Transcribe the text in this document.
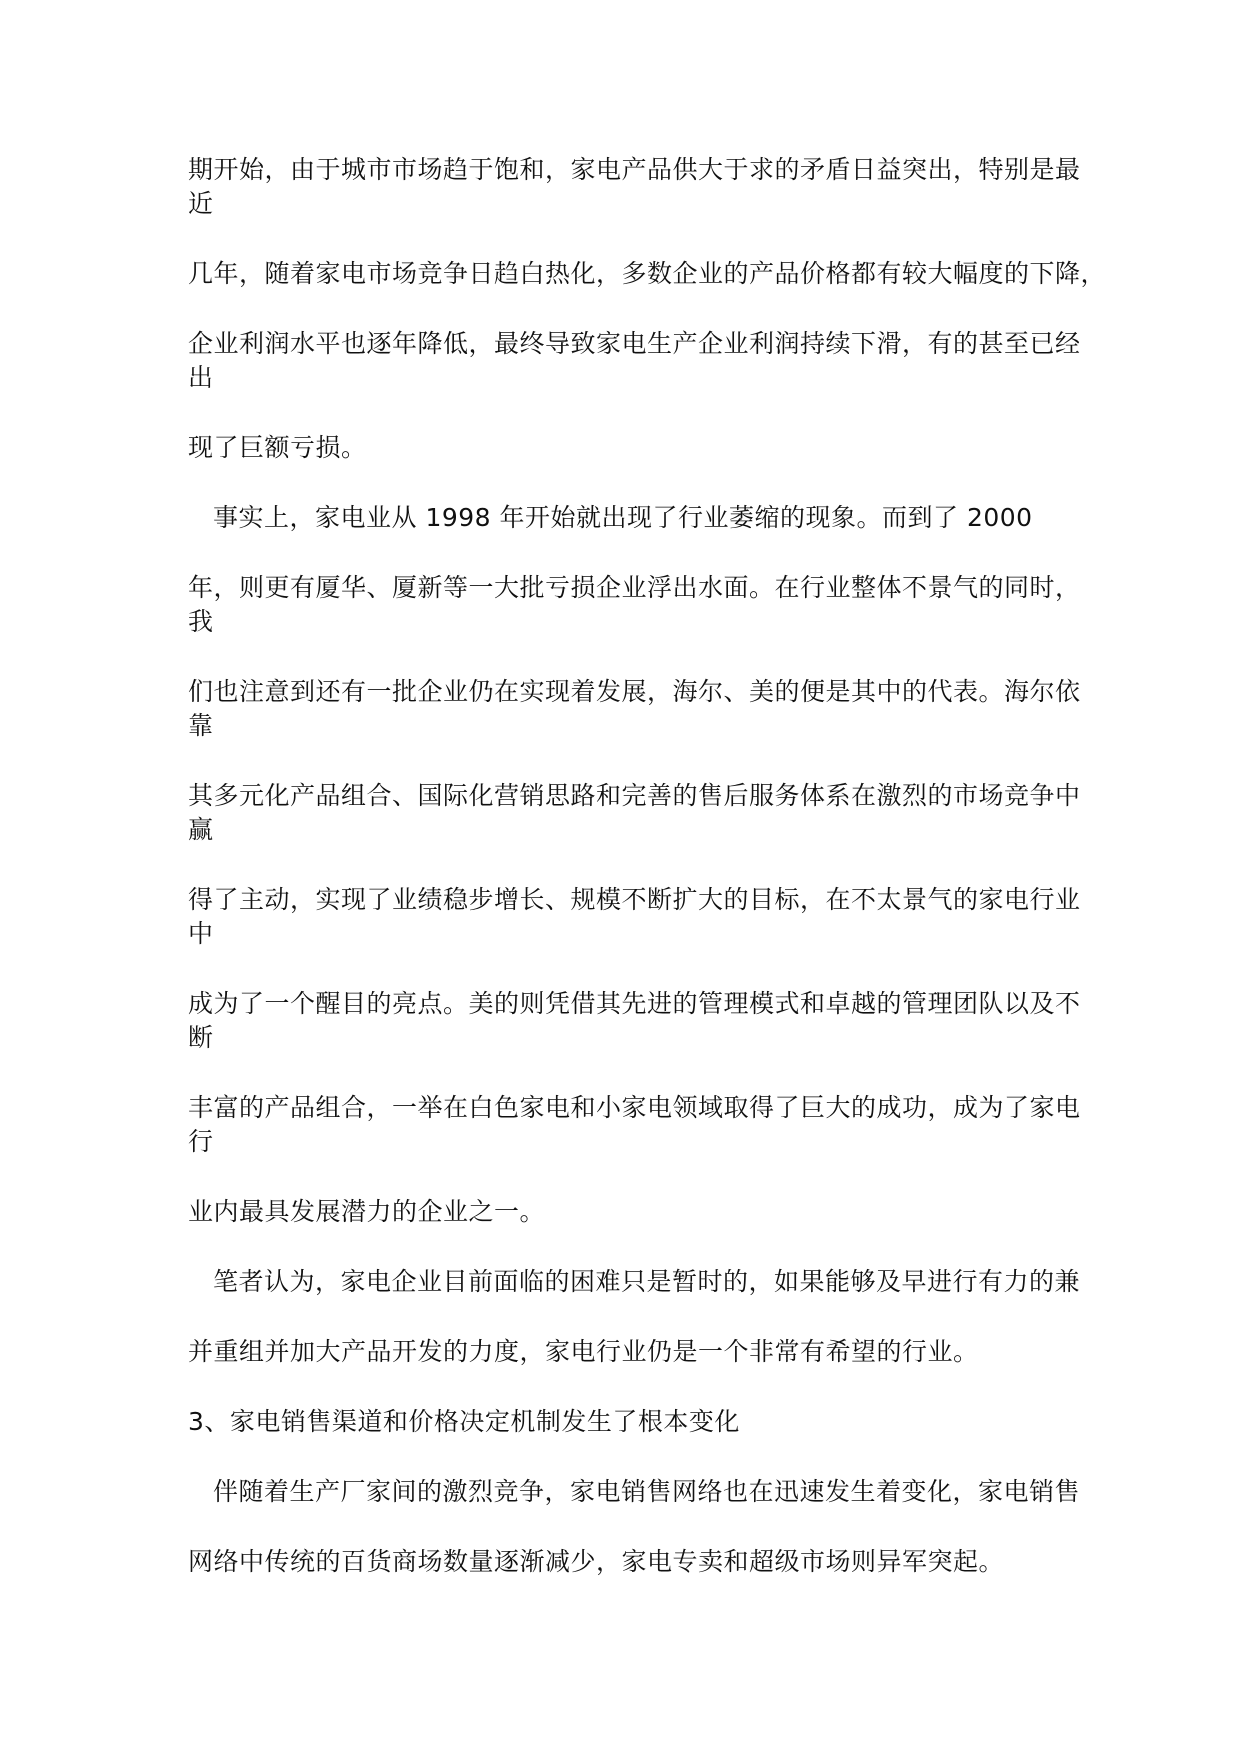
期开始，由于城市市场趋于饱和，家电产品供大于求的矛盾日益突出，特别是最
近
几年，随着家电市场竞争日趋白热化，多数企业的产品价格都有较大幅度的下降，
企业利润水平也逐年降低，最终导致家电生产企业利润持续下滑，有的甚至已经
出
现了巨额亏损。
事实上，家电业从 1998 年开始就出现了行业萎缩的现象。而到了 2000
年，则更有厦华、厦新等一大批亏损企业浮出水面。在行业整体不景气的同时，
我
们也注意到还有一批企业仍在实现着发展，海尔、美的便是其中的代表。海尔依
靠
其多元化产品组合、国际化营销思路和完善的售后服务体系在激烈的市场竞争中
赢
得了主动，实现了业绩稳步增长、规模不断扩大的目标，在不太景气的家电行业
中
成为了一个醒目的亮点。美的则凭借其先进的管理模式和卓越的管理团队以及不
断
丰富的产品组合，一举在白色家电和小家电领域取得了巨大的成功，成为了家电
行
业内最具发展潜力的企业之一。
笔者认为，家电企业目前面临的困难只是暂时的，如果能够及早进行有力的兼
并重组并加大产品开发的力度，家电行业仍是一个非常有希望的行业。
3、家电销售渠道和价格决定机制发生了根本变化
伴随着生产厂家间的激烈竞争，家电销售网络也在迅速发生着变化，家电销售
网络中传统的百货商场数量逐渐减少，家电专卖和超级市场则异军突起。
